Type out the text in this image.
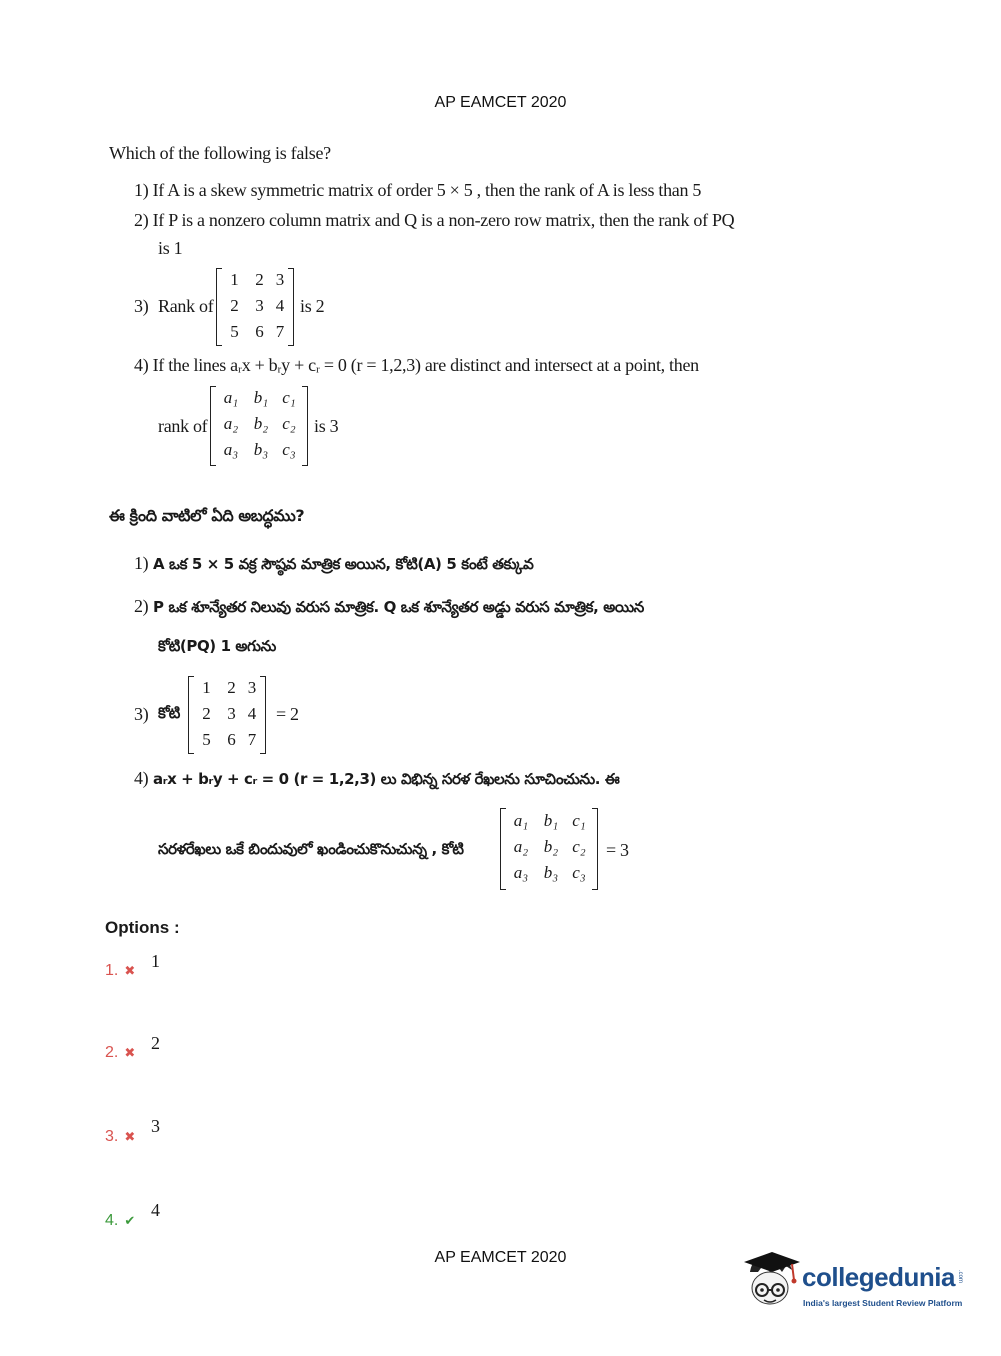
AP EAMCET 2020
Which of the following is false?
1) If A is a skew symmetric matrix of order 5 × 5 , then the rank of A is less than 5
2) If P is a nonzero column matrix and Q is a non-zero row matrix, then the rank of PQ
is 1
3) Rank of
1 2 3
2 3 4
5 6 7
is 2
4) If the lines aᵣx + bᵣy + cᵣ = 0 (r = 1,2,3) are distinct and intersect at a point, then
rank of
a₁ b₁ c₁
a₂ b₂ c₂
a₃ b₃ c₃
is 3
ఈ క్రింది వాటిలో ఏది అబద్ధము?
1) A ఒక 5 × 5 వక్ర సౌష్ఠవ మాత్రిక అయిన, కోటి(A) 5 కంటే తక్కువ
2) P ఒక శూన్యేతర నిలువు వరుస మాత్రిక. Q ఒక శూన్యేతర అడ్డు వరుస మాత్రిక, అయిన
కోటి(PQ) 1 అగును
3) కోటి
1 2 3
2 3 4
5 6 7
= 2
4) aᵣx + bᵣy + cᵣ = 0 (r = 1,2,3) లు విభిన్న సరళ రేఖలను సూచించును. ఈ
సరళరేఖలు ఒకే బిందువులో ఖండించుకొనుచున్న , కోటి
a₁ b₁ c₁
a₂ b₂ c₂
a₃ b₃ c₃
= 3
Options :
1. ✖
1
2. ✖
2
3. ✖
3
4. ✔
4
AP EAMCET 2020
collegedunia .com
India's largest Student Review Platform
